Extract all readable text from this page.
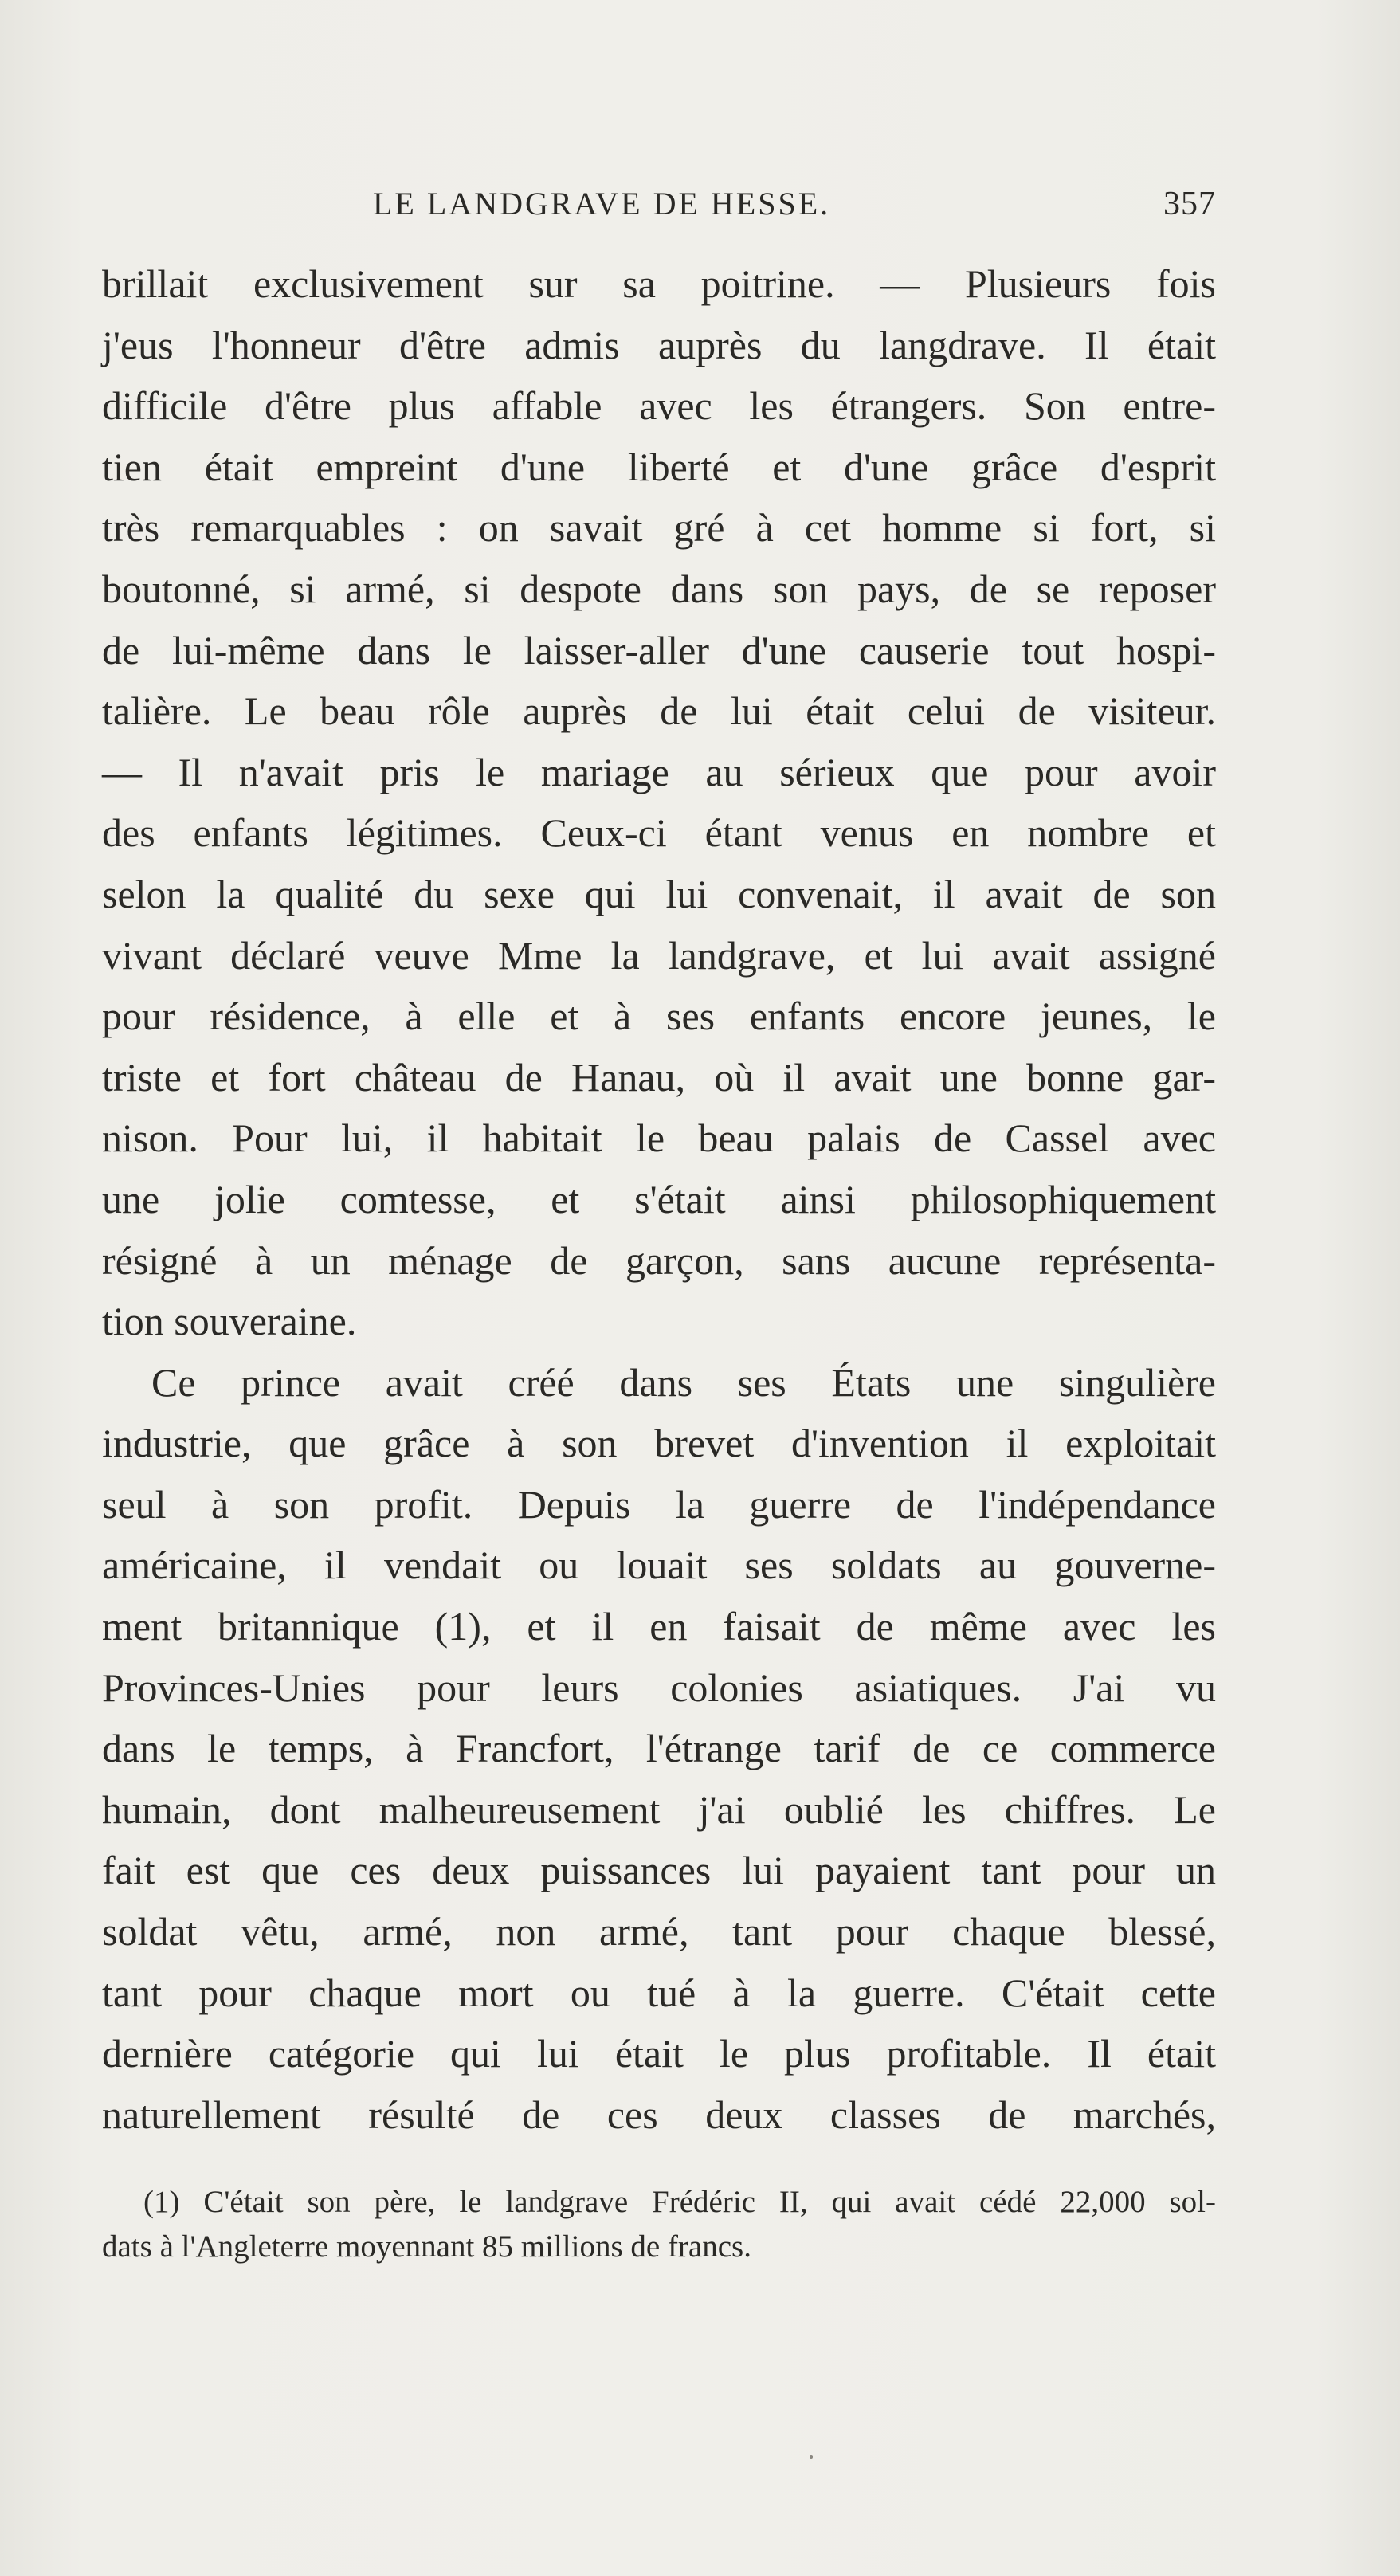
LE LANDGRAVE DE HESSE.	357

brillait exclusivement sur sa poitrine. — Plusieurs fois
j'eus l'honneur d'être admis auprès du langdrave. Il était
difficile d'être plus affable avec les étrangers. Son entre-
tien était empreint d'une liberté et d'une grâce d'esprit
très remarquables : on savait gré à cet homme si fort, si
boutonné, si armé, si despote dans son pays, de se reposer
de lui-même dans le laisser-aller d'une causerie tout hospi-
talière. Le beau rôle auprès de lui était celui de visiteur.
— Il n'avait pris le mariage au sérieux que pour avoir
des enfants légitimes. Ceux-ci étant venus en nombre et
selon la qualité du sexe qui lui convenait, il avait de son
vivant déclaré veuve Mme la landgrave, et lui avait assigné
pour résidence, à elle et à ses enfants encore jeunes, le
triste et fort château de Hanau, où il avait une bonne gar-
nison. Pour lui, il habitait le beau palais de Cassel avec
une jolie comtesse, et s'était ainsi philosophiquement
résigné à un ménage de garçon, sans aucune représenta-
tion souveraine.

Ce prince avait créé dans ses États une singulière
industrie, que grâce à son brevet d'invention il exploitait
seul à son profit. Depuis la guerre de l'indépendance
américaine, il vendait ou louait ses soldats au gouverne-
ment britannique (1), et il en faisait de même avec les
Provinces-Unies pour leurs colonies asiatiques. J'ai vu
dans le temps, à Francfort, l'étrange tarif de ce commerce
humain, dont malheureusement j'ai oublié les chiffres. Le
fait est que ces deux puissances lui payaient tant pour un
soldat vêtu, armé, non armé, tant pour chaque blessé,
tant pour chaque mort ou tué à la guerre. C'était cette
dernière catégorie qui lui était le plus profitable. Il était
naturellement résulté de ces deux classes de marchés,

(1) C'était son père, le landgrave Frédéric II, qui avait cédé 22,000 sol-
dats à l'Angleterre moyennant 85 millions de francs.
